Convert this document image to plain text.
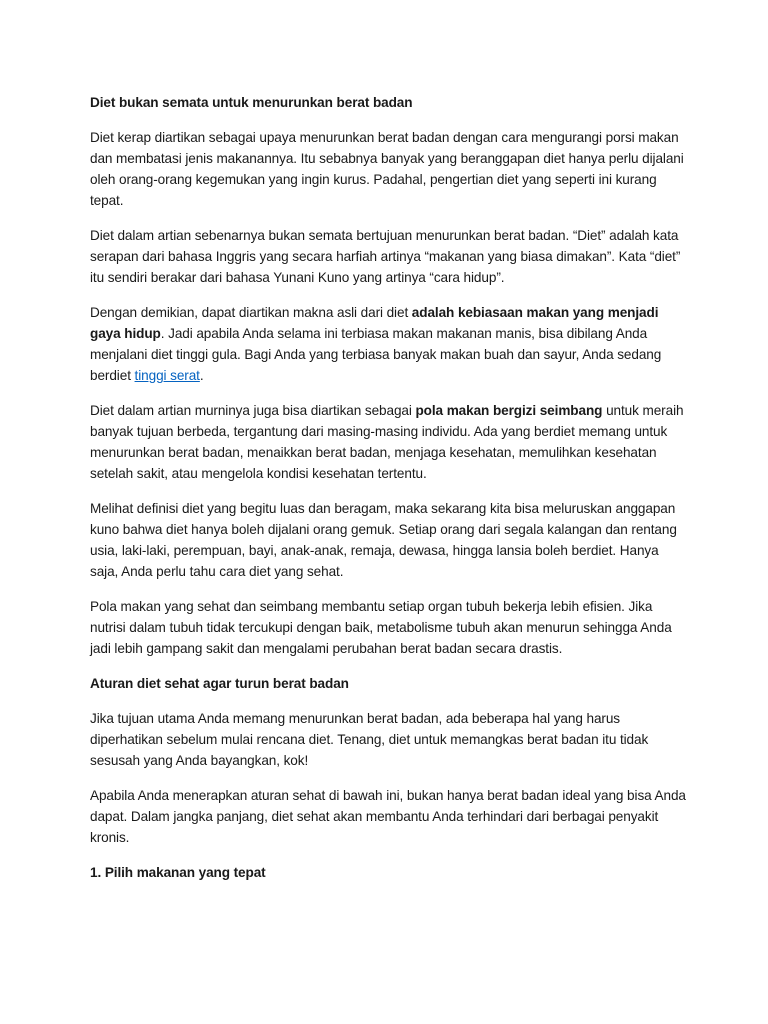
Diet bukan semata untuk menurunkan berat badan

Diet kerap diartikan sebagai upaya menurunkan berat badan dengan cara mengurangi porsi makan dan membatasi jenis makanannya. Itu sebabnya banyak yang beranggapan diet hanya perlu dijalani oleh orang-orang kegemukan yang ingin kurus. Padahal, pengertian diet yang seperti ini kurang tepat.

Diet dalam artian sebenarnya bukan semata bertujuan menurunkan berat badan. “Diet” adalah kata serapan dari bahasa Inggris yang secara harfiah artinya “makanan yang biasa dimakan”. Kata “diet” itu sendiri berakar dari bahasa Yunani Kuno yang artinya “cara hidup”.

Dengan demikian, dapat diartikan makna asli dari diet adalah kebiasaan makan yang menjadi gaya hidup. Jadi apabila Anda selama ini terbiasa makan makanan manis, bisa dibilang Anda menjalani diet tinggi gula. Bagi Anda yang terbiasa banyak makan buah dan sayur, Anda sedang berdiet tinggi serat.

Diet dalam artian murninya juga bisa diartikan sebagai pola makan bergizi seimbang untuk meraih banyak tujuan berbeda, tergantung dari masing-masing individu. Ada yang berdiet memang untuk menurunkan berat badan, menaikkan berat badan, menjaga kesehatan, memulihkan kesehatan setelah sakit, atau mengelola kondisi kesehatan tertentu.

Melihat definisi diet yang begitu luas dan beragam, maka sekarang kita bisa meluruskan anggapan kuno bahwa diet hanya boleh dijalani orang gemuk. Setiap orang dari segala kalangan dan rentang usia, laki-laki, perempuan, bayi, anak-anak, remaja, dewasa, hingga lansia boleh berdiet. Hanya saja, Anda perlu tahu cara diet yang sehat.

Pola makan yang sehat dan seimbang membantu setiap organ tubuh bekerja lebih efisien. Jika nutrisi dalam tubuh tidak tercukupi dengan baik, metabolisme tubuh akan menurun sehingga Anda jadi lebih gampang sakit dan mengalami perubahan berat badan secara drastis.

Aturan diet sehat agar turun berat badan

Jika tujuan utama Anda memang menurunkan berat badan, ada beberapa hal yang harus diperhatikan sebelum mulai rencana diet. Tenang, diet untuk memangkas berat badan itu tidak sesusah yang Anda bayangkan, kok!

Apabila Anda menerapkan aturan sehat di bawah ini, bukan hanya berat badan ideal yang bisa Anda dapat. Dalam jangka panjang, diet sehat akan membantu Anda terhindari dari berbagai penyakit kronis.

1. Pilih makanan yang tepat
